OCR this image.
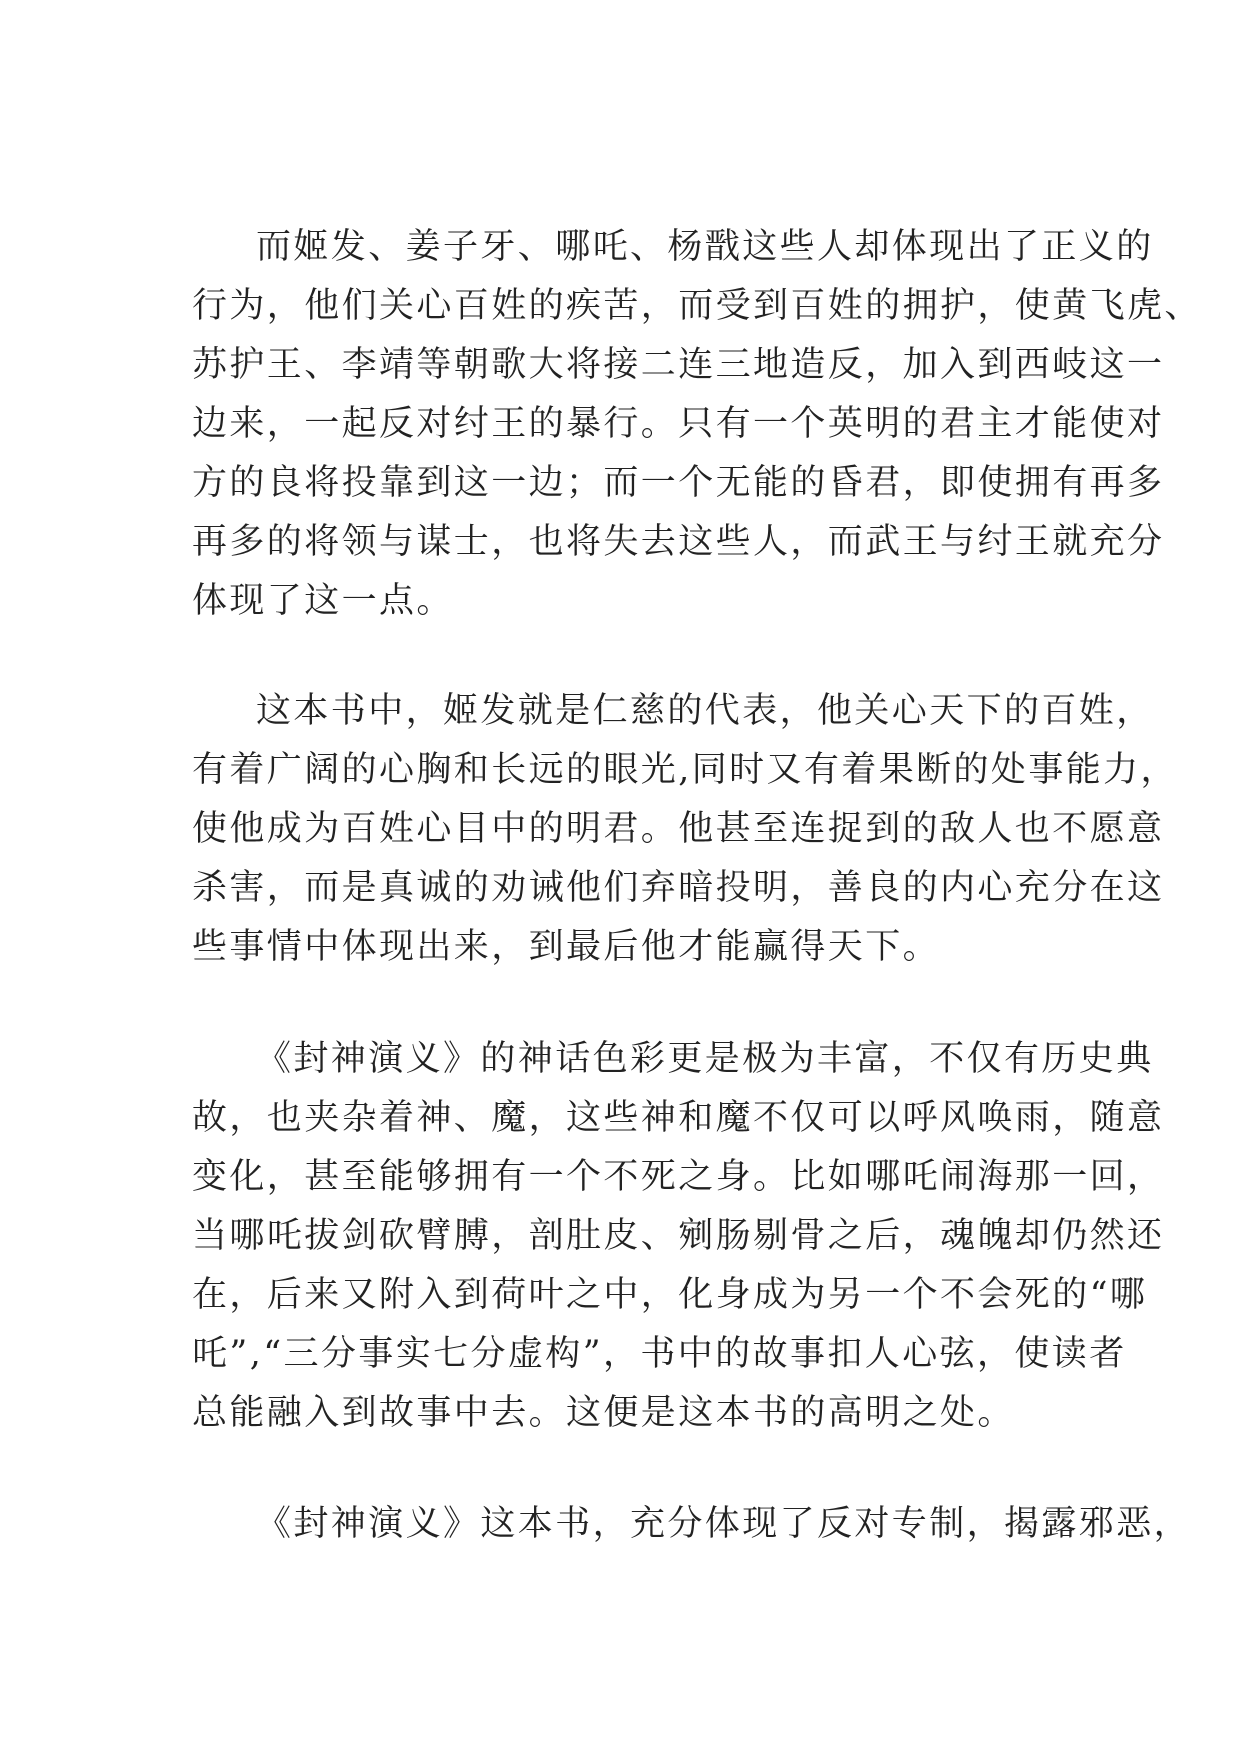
而姬发、姜子牙、哪吒、杨戬这些人却体现出了正义的
行为，他们关心百姓的疾苦，而受到百姓的拥护，使黄飞虎、
苏护王、李靖等朝歌大将接二连三地造反，加入到西岐这一
边来，一起反对纣王的暴行。只有一个英明的君主才能使对
方的良将投靠到这一边；而一个无能的昏君，即使拥有再多
再多的将领与谋士，也将失去这些人，而武王与纣王就充分
体现了这一点。
这本书中，姬发就是仁慈的代表，他关心天下的百姓，
有着广阔的心胸和长远的眼光,同时又有着果断的处事能力，
使他成为百姓心目中的明君。他甚至连捉到的敌人也不愿意
杀害，而是真诚的劝诫他们弃暗投明，善良的内心充分在这
些事情中体现出来，到最后他才能赢得天下。
《封神演义》的神话色彩更是极为丰富，不仅有历史典
故，也夹杂着神、魔，这些神和魔不仅可以呼风唤雨，随意
变化，甚至能够拥有一个不死之身。比如哪吒闹海那一回，
当哪吒拔剑砍臂膊，剖肚皮、剜肠剔骨之后，魂魄却仍然还
在，后来又附入到荷叶之中，化身成为另一个不会死的“哪
吒”,“三分事实七分虚构”，书中的故事扣人心弦，使读者
总能融入到故事中去。这便是这本书的高明之处。
《封神演义》这本书，充分体现了反对专制，揭露邪恶，
